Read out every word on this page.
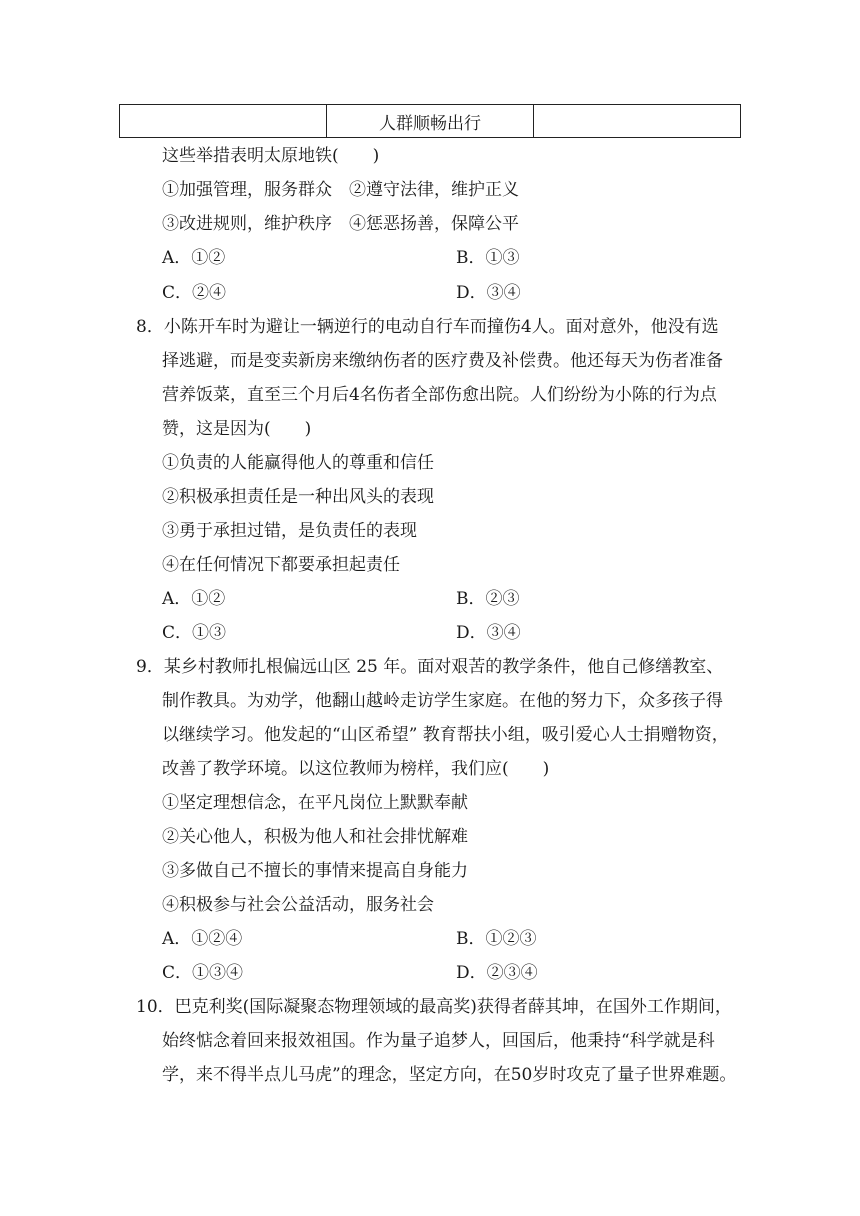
	人群顺畅出行	
这些举措表明太原地铁(　　)
①加强管理，服务群众　②遵守法律，维护正义
③改进规则，维护秩序　④惩恶扬善，保障公平
A．①②	B．①③
C．②④	D．③④
8．小陈开车时为避让一辆逆行的电动自行车而撞伤4人。面对意外，他没有选
择逃避，而是变卖新房来缴纳伤者的医疗费及补偿费。他还每天为伤者准备
营养饭菜，直至三个月后4名伤者全部伤愈出院。人们纷纷为小陈的行为点
赞，这是因为(　　)
①负责的人能赢得他人的尊重和信任
②积极承担责任是一种出风头的表现
③勇于承担过错，是负责任的表现
④在任何情况下都要承担起责任
A．①②	B．②③
C．①③	D．③④
9．某乡村教师扎根偏远山区 25 年。面对艰苦的教学条件，他自己修缮教室、
制作教具。为劝学，他翻山越岭走访学生家庭。在他的努力下，众多孩子得
以继续学习。他发起的“山区希望” 教育帮扶小组，吸引爱心人士捐赠物资，
改善了教学环境。以这位教师为榜样，我们应(　　)
①坚定理想信念，在平凡岗位上默默奉献
②关心他人，积极为他人和社会排忧解难
③多做自己不擅长的事情来提高自身能力
④积极参与社会公益活动，服务社会
A．①②④	B．①②③
C．①③④	D．②③④
10．巴克利奖(国际凝聚态物理领域的最高奖)获得者薛其坤，在国外工作期间，
始终惦念着回来报效祖国。作为量子追梦人，回国后，他秉持“科学就是科
学，来不得半点儿马虎”的理念，坚定方向，在50岁时攻克了量子世界难题。
